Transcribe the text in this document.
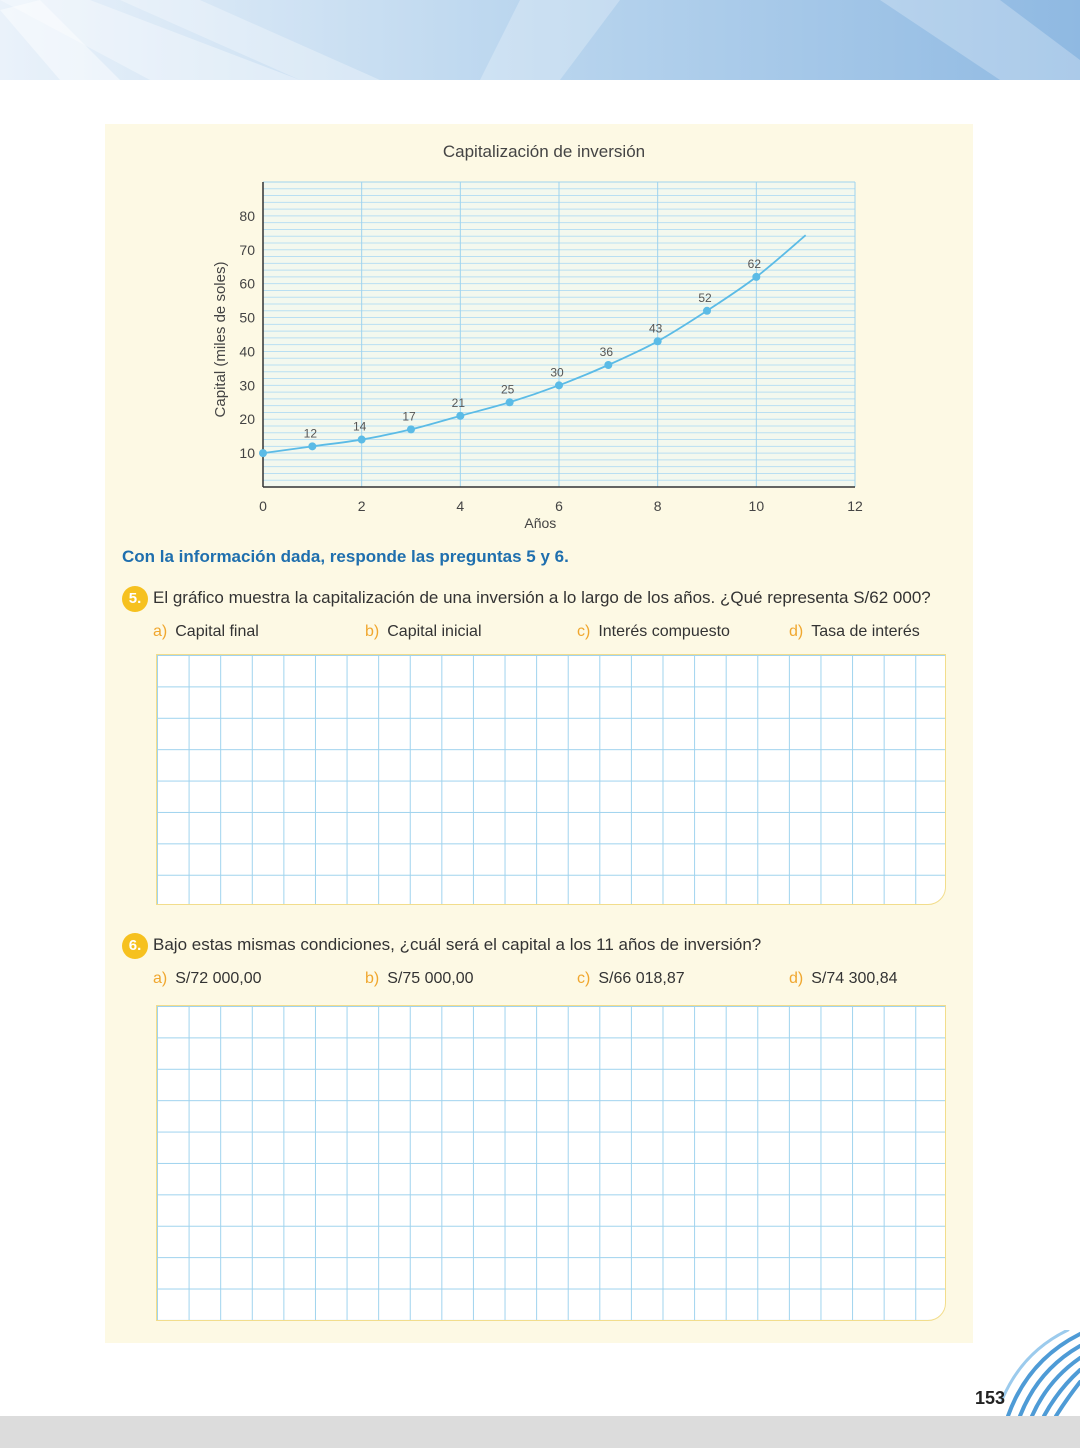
Capitalización de inversión
10
20
30
40
50
60
70
80
0	2	4	6	8	10	12
Años
Capital (miles de soles)
12	14
17
21
25
30
36
43
52
62
Con la información dada, responde las preguntas 5 y 6.
5. El gráfico muestra la capitalización de una inversión a lo largo de los años. ¿Qué representa S/62 000?
a) Capital final	b) Capital inicial	c) Interés compuesto	d) Tasa de interés
6. Bajo estas mismas condiciones, ¿cuál será el capital a los 11 años de inversión?
a) S/72 000,00	b) S/75 000,00	c) S/66 018,87	d) S/74 300,84
153
